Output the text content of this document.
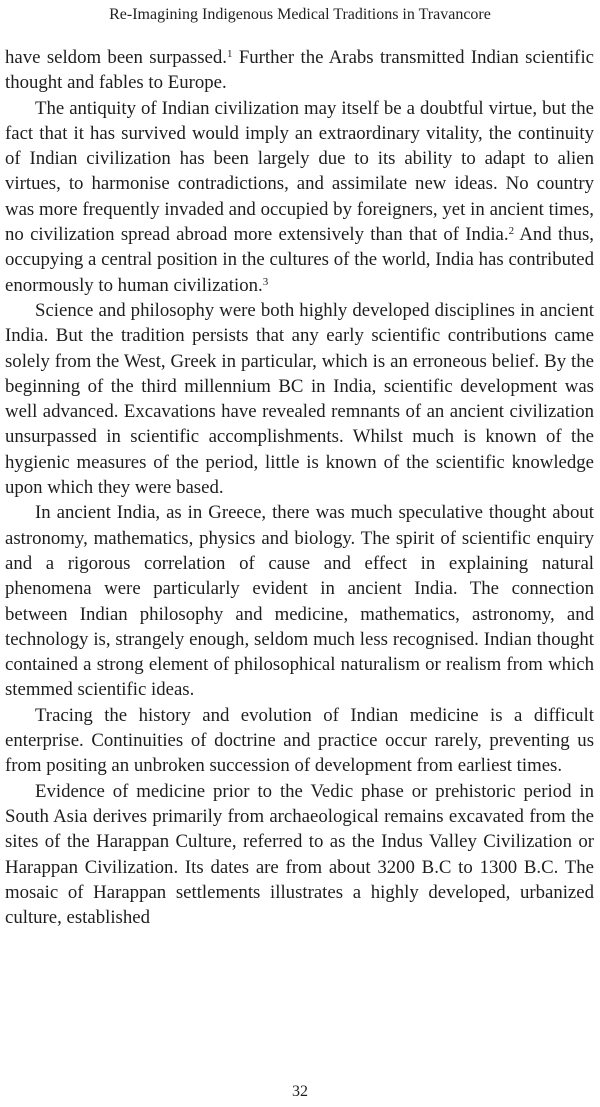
Re-Imagining Indigenous Medical Traditions in Travancore

have seldom been surpassed.$^1$ Further the Arabs transmitted Indian scientific thought and fables to Europe.

The antiquity of Indian civilization may itself be a doubtful virtue, but the fact that it has survived would imply an extraordinary vitality, the continuity of Indian civilization has been largely due to its ability to adapt to alien virtues, to harmonise contradictions, and assimilate new ideas. No country was more frequently invaded and occupied by foreigners, yet in ancient times, no civilization spread abroad more extensively than that of India.$^2$ And thus, occupying a central position in the cultures of the world, India has contributed enormously to human civilization.$^3$

Science and philosophy were both highly developed disciplines in ancient India. But the tradition persists that any early scientific contributions came solely from the West, Greek in particular, which is an erroneous belief. By the beginning of the third millennium BC in India, scientific development was well advanced. Excavations have revealed remnants of an ancient civilization unsurpassed in scientific accomplishments. Whilst much is known of the hygienic measures of the period, little is known of the scientific knowledge upon which they were based.

In ancient India, as in Greece, there was much speculative thought about astronomy, mathematics, physics and biology. The spirit of scientific enquiry and a rigorous correlation of cause and effect in explaining natural phenomena were particularly evident in ancient India. The connection between Indian philosophy and medicine, mathematics, astronomy, and technology is, strangely enough, seldom much less recognised. Indian thought contained a strong element of philosophical naturalism or realism from which stemmed scientific ideas.

Tracing the history and evolution of Indian medicine is a difficult enterprise. Continuities of doctrine and practice occur rarely, preventing us from positing an unbroken succession of development from earliest times.

Evidence of medicine prior to the Vedic phase or prehistoric period in South Asia derives primarily from archaeological remains excavated from the sites of the Harappan Culture, referred to as the Indus Valley Civilization or Harappan Civilization. Its dates are from about 3200 B.C to 1300 B.C. The mosaic of Harappan settlements illustrates a highly developed, urbanized culture, established

32
